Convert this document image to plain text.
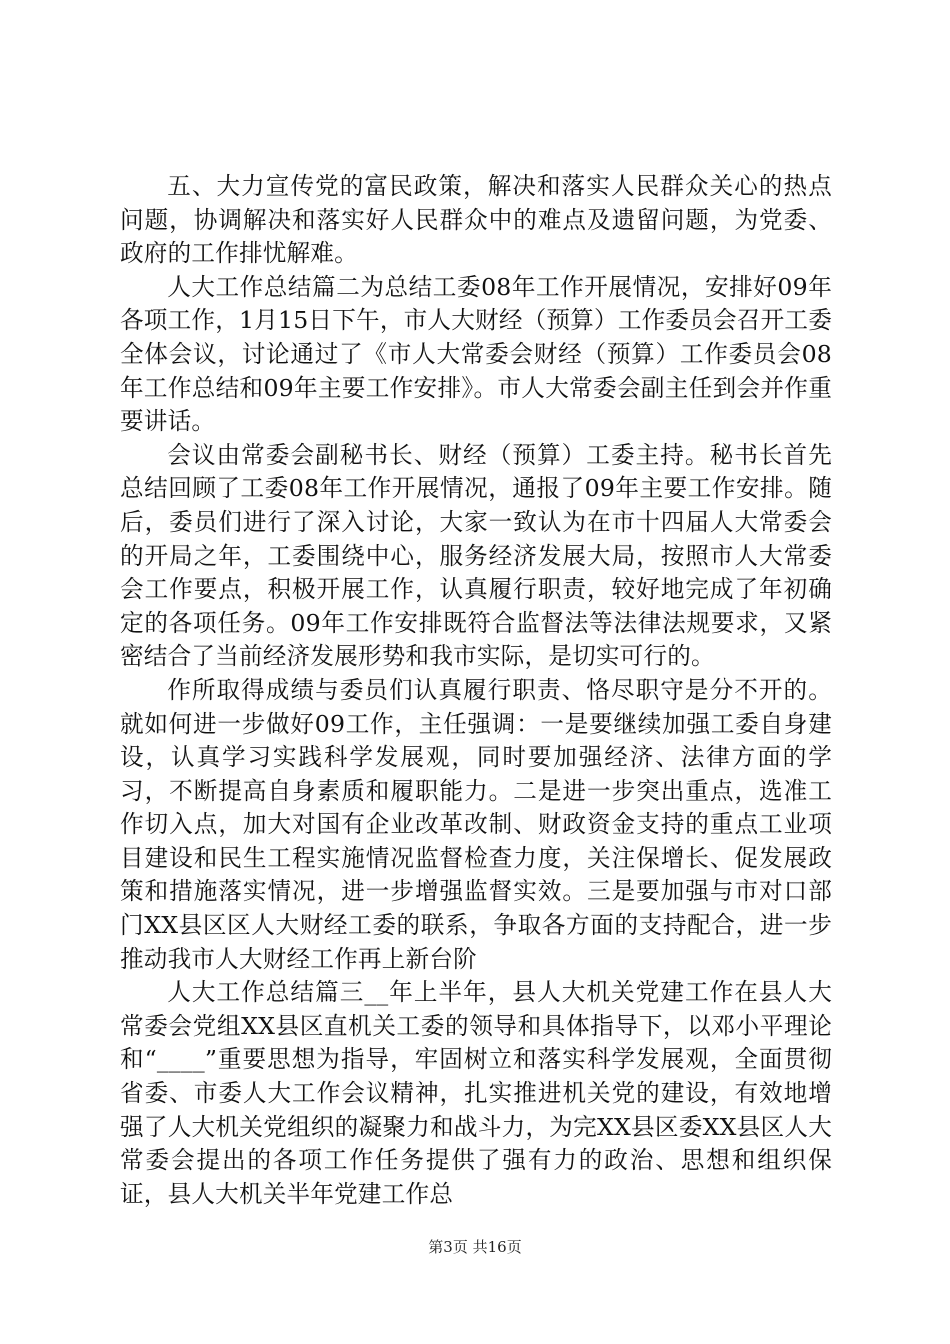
五、大力宣传党的富民政策，解决和落实人民群众关心的热点问题，协调解决和落实好人民群众中的难点及遗留问题，为党委、政府的工作排忧解难。

人大工作总结篇二为总结工委08年工作开展情况，安排好09年各项工作，1月15日下午，市人大财经（预算）工作委员会召开工委全体会议，讨论通过了《市人大常委会财经（预算）工作委员会08年工作总结和09年主要工作安排》。市人大常委会副主任到会并作重要讲话。

会议由常委会副秘书长、财经（预算）工委主持。秘书长首先总结回顾了工委08年工作开展情况，通报了09年主要工作安排。随后，委员们进行了深入讨论，大家一致认为在市十四届人大常委会的开局之年，工委围绕中心，服务经济发展大局，按照市人大常委会工作要点，积极开展工作，认真履行职责，较好地完成了年初确定的各项任务。09年工作安排既符合监督法等法律法规要求，又紧密结合了当前经济发展形势和我市实际，是切实可行的。

作所取得成绩与委员们认真履行职责、恪尽职守是分不开的。就如何进一步做好09工作，主任强调：一是要继续加强工委自身建设，认真学习实践科学发展观，同时要加强经济、法律方面的学习，不断提高自身素质和履职能力。二是进一步突出重点，选准工作切入点，加大对国有企业改革改制、财政资金支持的重点工业项目建设和民生工程实施情况监督检查力度，关注保增长、促发展政策和措施落实情况，进一步增强监督实效。三是要加强与市对口部门XX县区区人大财经工委的联系，争取各方面的支持配合，进一步推动我市人大财经工作再上新台阶

人大工作总结篇三__年上半年，县人大机关党建工作在县人大常委会党组XX县区直机关工委的领导和具体指导下，以邓小平理论和“____”重要思想为指导，牢固树立和落实科学发展观，全面贯彻省委、市委人大工作会议精神，扎实推进机关党的建设，有效地增强了人大机关党组织的凝聚力和战斗力，为完XX县区委XX县区人大常委会提出的各项工作任务提供了强有力的政治、思想和组织保证，县人大机关半年党建工作总

第3页 共16页
